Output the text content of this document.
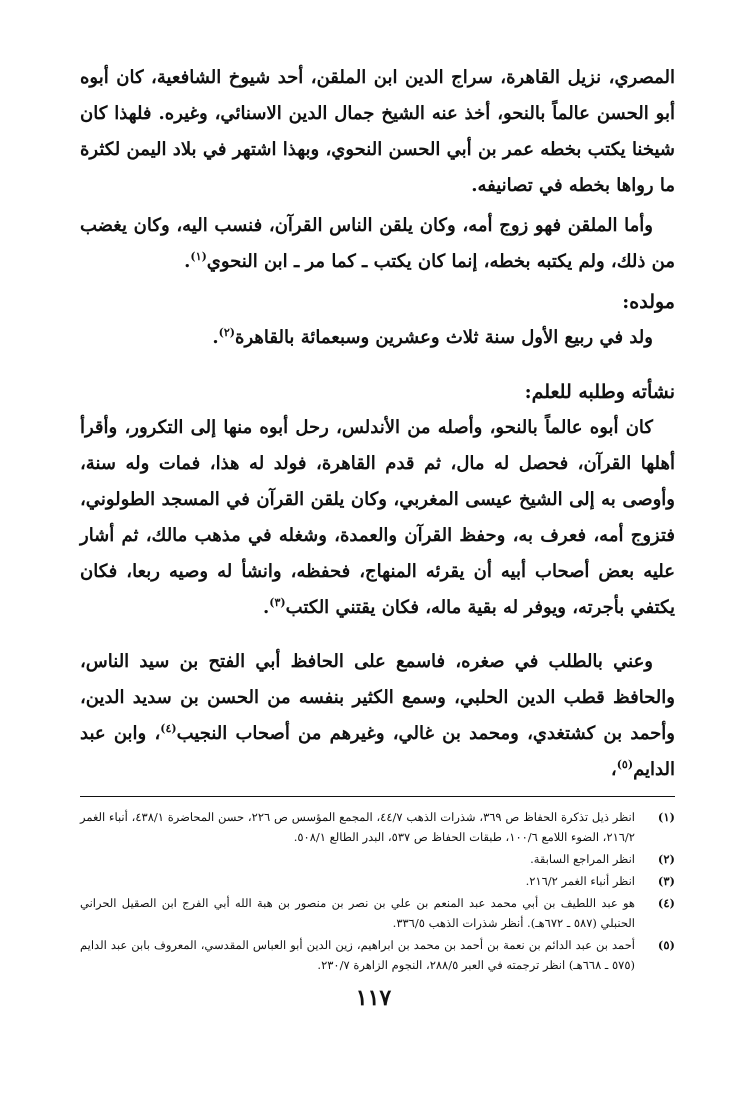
المصري، نزيل القاهرة، سراج الدين ابن الملقن، أحد شيوخ الشافعية، كان أبوه أبو الحسن عالماً بالنحو، أخذ عنه الشيخ جمال الدين الاسنائي، وغيره. فلهذا كان شيخنا يكتب بخطه عمر بن أبي الحسن النحوي، وبهذا اشتهر في بلاد اليمن لكثرة ما رواها بخطه في تصانيفه.

وأما الملقن فهو زوج أمه، وكان يلقن الناس القرآن، فنسب اليه، وكان يغضب من ذلك، ولم يكتبه بخطه، إنما كان يكتب ـ كما مر ـ ابن النحوي$^{(١)}$.

مولده:

ولد في ربيع الأول سنة ثلاث وعشرين وسبعمائة بالقاهرة$^{(٢)}$.

نشأته وطلبه للعلم:

كان أبوه عالماً بالنحو، وأصله من الأندلس، رحل أبوه منها إلى التكرور، وأقرأ أهلها القرآن، فحصل له مال، ثم قدم القاهرة، فولد له هذا، فمات وله سنة، وأوصى به إلى الشيخ عيسى المغربي، وكان يلقن القرآن في المسجد الطولوني، فتزوج أمه، فعرف به، وحفظ القرآن والعمدة، وشغله في مذهب مالك، ثم أشار عليه بعض أصحاب أبيه أن يقرئه المنهاج، فحفظه، وانشأ له وصيه ربعا، فكان يكتفي بأجرته، ويوفر له بقية ماله، فكان يقتني الكتب$^{(٣)}$.

وعني بالطلب في صغره، فاسمع على الحافظ أبي الفتح بن سيد الناس، والحافظ قطب الدين الحلبي، وسمع الكثير بنفسه من الحسن بن سديد الدين، وأحمد بن كشتغدي، ومحمد بن غالي، وغيرهم من أصحاب النجيب$^{(٤)}$، وابن عبد الدايم$^{(٥)}$،

(١)
انظر ذيل تذكرة الحفاظ ص ٣٦٩، شذرات الذهب ٤٤/٧، المجمع المؤسس ص ٢٢٦، حسن المحاضرة ٤٣٨/١، أنباء الغمر ٢١٦/٢، الضوء اللامع ١٠٠/٦، طبقات الحفاظ ص ٥٣٧، البدر الطالع ٥٠٨/١.
(٢)
انظر المراجع السابقة.
(٣)
انظر أنباء الغمر ٢١٦/٢.
(٤)
هو عبد اللطيف بن أبي محمد عبد المنعم بن علي بن نصر بن منصور بن هبة الله أبي الفرج ابن الصقيل الحراني الحنبلي (٥٨٧ ـ ٦٧٢هـ). أنظر شذرات الذهب ٣٣٦/٥.
(٥)
أحمد بن عبد الدائم بن نعمة بن أحمد بن محمد بن ابراهيم، زين الدين أبو العباس المقدسي، المعروف بابن عبد الدايم (٥٧٥ ـ ٦٦٨هـ) انظر ترجمته في العبر ٢٨٨/٥، النجوم الزاهرة ٢٣٠/٧.
١١٧
